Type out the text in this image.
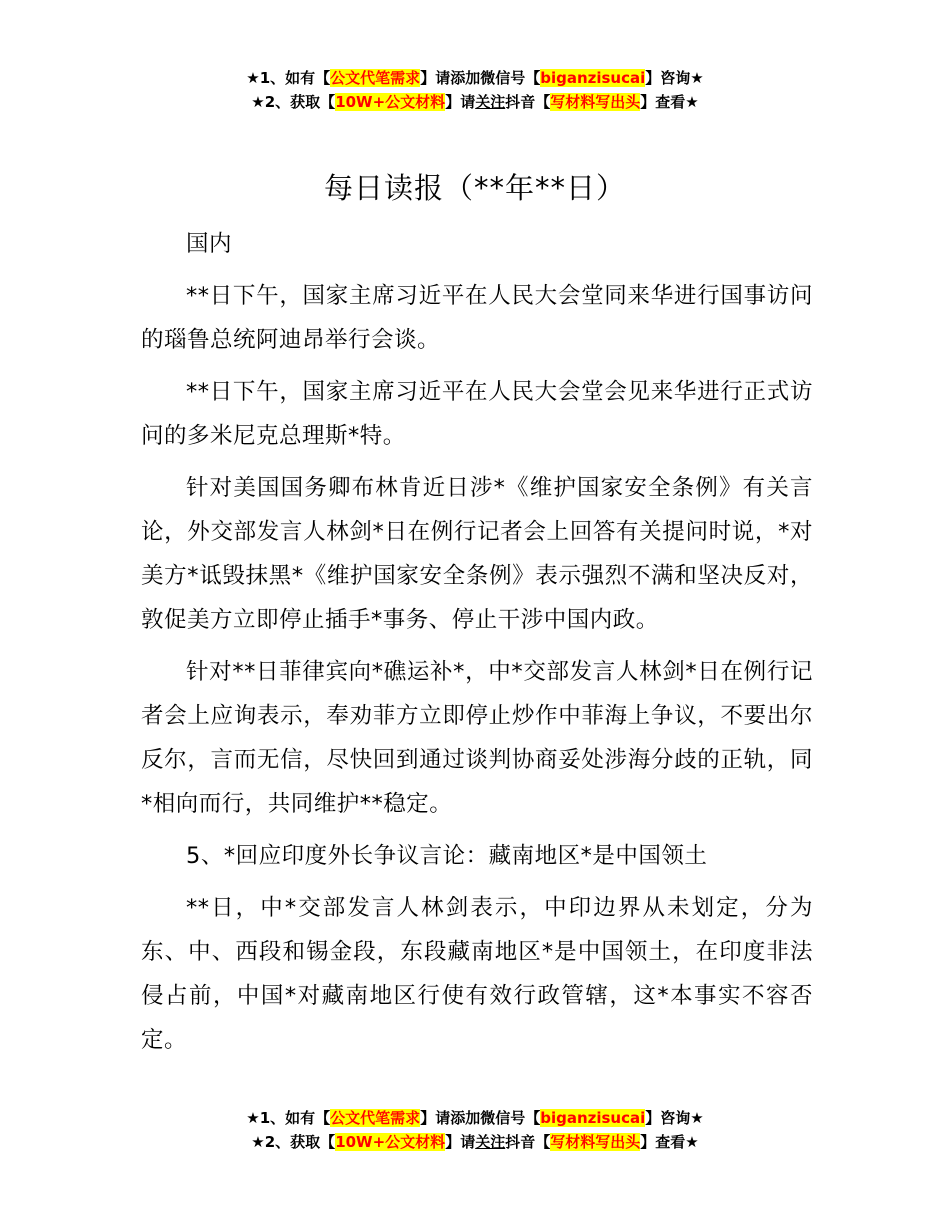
★1、如有【公文代笔需求】请添加微信号【biganzisucai】咨询★
★2、获取【10W+公文材料】请关注抖音【写材料写出头】查看★
每日读报（**年**日）

国内

**日下午，国家主席习近平在人民大会堂同来华进行国事访问的瑙鲁总统阿迪昂举行会谈。

**日下午，国家主席习近平在人民大会堂会见来华进行正式访问的多米尼克总理斯*特。

针对美国国务卿布林肯近日涉*《维护国家安全条例》有关言论，外交部发言人林剑*日在例行记者会上回答有关提问时说，*对美方*诋毁抹黑*《维护国家安全条例》表示强烈不满和坚决反对，敦促美方立即停止插手*事务、停止干涉中国内政。

针对**日菲律宾向*礁运补*，中*交部发言人林剑*日在例行记者会上应询表示，奉劝菲方立即停止炒作中菲海上争议，不要出尔反尔，言而无信，尽快回到通过谈判协商妥处涉海分歧的正轨，同*相向而行，共同维护**稳定。

5、*回应印度外长争议言论：藏南地区*是中国领土

**日，中*交部发言人林剑表示，中印边界从未划定，分为东、中、西段和锡金段，东段藏南地区*是中国领土，在印度非法侵占前，中国*对藏南地区行使有效行政管辖，这*本事实不容否定。

★1、如有【公文代笔需求】请添加微信号【biganzisucai】咨询★
★2、获取【10W+公文材料】请关注抖音【写材料写出头】查看★
